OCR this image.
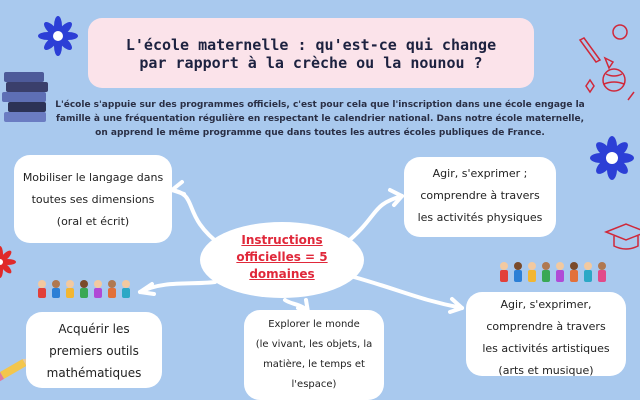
L'école maternelle : qu'est-ce qui change
par rapport à la crèche ou la nounou ?
L'école s'appuie sur des programmes officiels, c'est pour cela que l'inscription dans une école engage la
famille à une fréquentation régulière en respectant le calendrier national. Dans notre école maternelle,
on apprend le même programme que dans toutes les autres écoles publiques de France.
Mobiliser le langage dans
toutes ses dimensions
(oral et écrit)
Agir, s'exprimer ;
comprendre à travers
les activités physiques
Instructions
officielles = 5
domaines
Acquérir les
premiers outils
mathématiques
Explorer le monde
(le vivant, les objets, la
matière, le temps et
l'espace)
Agir, s'exprimer,
comprendre à travers
les activités artistiques
(arts et musique)
